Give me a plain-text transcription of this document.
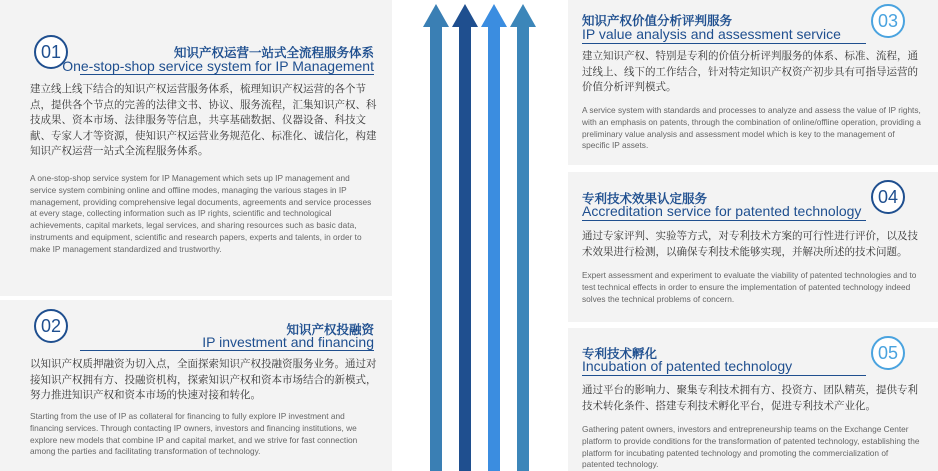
01	知识产权运营一站式全流程服务体系
One-stop-shop service system for IP Management
建立线上线下结合的知识产权运营服务体系，梳理知识产权运营的各个节点，提供各个节点的完善的法律文书、协议、服务流程，汇集知识产权、科技成果、资本市场、法律服务等信息，共享基础数据、仪器设备、科技文献、专家人才等资源，使知识产权运营业务规范化、标准化、诚信化，构建知识产权运营一站式全流程服务体系。
A one-stop-shop service system for IP Management which sets up IP management and service system combining online and offline modes, managing the various stages in IP management, providing comprehensive legal documents, agreements and service processes at every stage, collecting information such as IP rights, scientific and technological achievements, capital markets, legal services, and sharing resources such as basic data, instruments and equipment, scientific and research papers, experts and talents, in order to make IP management standardized and trustworthy.
02	知识产权投融资
IP investment and financing
以知识产权质押融资为切入点，全面探索知识产权投融资服务业务。通过对接知识产权拥有方、投融资机构，探索知识产权和资本市场结合的新模式，努力推进知识产权和资本市场的快速对接和转化。
Starting from the use of IP as collateral for financing to fully explore IP investment and financing services. Through contacting IP owners, investors and financing institutions, we explore new models that combine IP and capital market, and we strive for fast connection among the parties and facilitating transformation of technology.
03
知识产权价值分析评判服务
IP value analysis and assessment service
建立知识产权、特别是专利的价值分析评判服务的体系、标准、流程，通过线上、线下的工作结合，针对特定知识产权资产初步具有可指导运营的价值分析评判模式。
A service system with standards and processes to analyze and assess the value of IP rights, with an emphasis on patents, through the combination of online/offline operation, providing a preliminary value analysis and assessment model which is key to the management of specific IP assets.
04
专利技术效果认定服务
Accreditation service for patented technology
通过专家评判、实验等方式，对专利技术方案的可行性进行评价，以及技术效果进行检测，以确保专利技术能够实现，并解决所述的技术问题。
Expert assessment and experiment to evaluate the viability of patented technologies and to test technical effects in order to ensure the implementation of patented technology indeed solves the technical problems of concern.
05
专利技术孵化
Incubation of patented technology
通过平台的影响力、聚集专利技术拥有方、投资方、团队精英，提供专利技术转化条件、搭建专利技术孵化平台，促进专利技术产业化。
Gathering patent owners, investors and entrepreneurship teams on the Exchange Center platform to provide conditions for the transformation of patented technology, establishing the platform for incubating patented technology and promoting the commercialization of patented technology.
